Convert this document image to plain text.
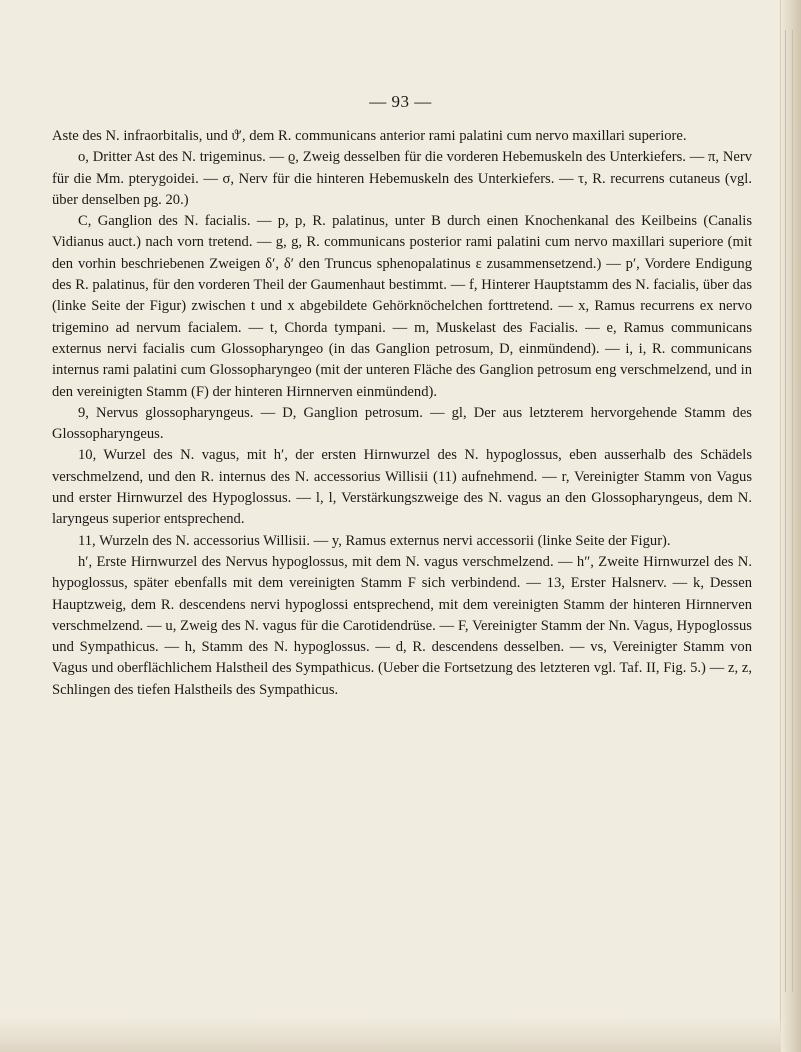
— 93 —

Aste des N. infraorbitalis, und ϑ′, dem R. communicans anterior rami palatini cum nervo maxillari superiore.

o, Dritter Ast des N. trigeminus. — ϱ, Zweig desselben für die vorderen Hebemuskeln des Unterkiefers. — π, Nerv für die Mm. pterygoidei. — σ, Nerv für die hinteren Hebemuskeln des Unterkiefers. — τ, R. recurrens cutaneus (vgl. über denselben pg. 20.)

C, Ganglion des N. facialis. — p, p, R. palatinus, unter B durch einen Knochenkanal des Keilbeins (Canalis Vidianus auct.) nach vorn tretend. — g, g, R. communicans posterior rami palatini cum nervo maxillari superiore (mit den vorhin beschriebenen Zweigen δ′, δ′ den Truncus sphenopalatinus ε zusammensetzend.) — p′, Vordere Endigung des R. palatinus, für den vorderen Theil der Gaumenhaut bestimmt. — f, Hinterer Hauptstamm des N. facialis, über das (linke Seite der Figur) zwischen t und x abgebildete Gehörknöchelchen forttretend. — x, Ramus recurrens ex nervo trigemino ad nervum facialem. — t, Chorda tympani. — m, Muskelast des Facialis. — e, Ramus communicans externus nervi facialis cum Glossopharyngeo (in das Ganglion petrosum, D, einmündend). — i, i, R. communicans internus rami palatini cum Glossopharyngeo (mit der unteren Fläche des Ganglion petrosum eng verschmelzend, und in den vereinigten Stamm (F) der hinteren Hirnnerven einmündend).

9, Nervus glossopharyngeus. — D, Ganglion petrosum. — gl, Der aus letzterem hervorgehende Stamm des Glossopharyngeus.

10, Wurzel des N. vagus, mit h′, der ersten Hirnwurzel des N. hypoglossus, eben ausserhalb des Schädels verschmelzend, und den R. internus des N. accessorius Willisii (11) aufnehmend. — r, Vereinigter Stamm von Vagus und erster Hirnwurzel des Hypoglossus. — l, l, Verstärkungszweige des N. vagus an den Glossopharyngeus, dem N. laryngeus superior entsprechend.

11, Wurzeln des N. accessorius Willisii. — y, Ramus externus nervi accessorii (linke Seite der Figur).

h′, Erste Hirnwurzel des Nervus hypoglossus, mit dem N. vagus verschmelzend. — h″, Zweite Hirnwurzel des N. hypoglossus, später ebenfalls mit dem vereinigten Stamm F sich verbindend. — 13, Erster Halsnerv. — k, Dessen Hauptzweig, dem R. descendens nervi hypoglossi entsprechend, mit dem vereinigten Stamm der hinteren Hirnnerven verschmelzend. — u, Zweig des N. vagus für die Carotidendrüse. — F, Vereinigter Stamm der Nn. Vagus, Hypoglossus und Sympathicus. — h, Stamm des N. hypoglossus. — d, R. descendens desselben. — vs, Vereinigter Stamm von Vagus und oberflächlichem Halstheil des Sympathicus. (Ueber die Fortsetzung des letzteren vgl. Taf. II, Fig. 5.) — z, z, Schlingen des tiefen Halstheils des Sympathicus.
